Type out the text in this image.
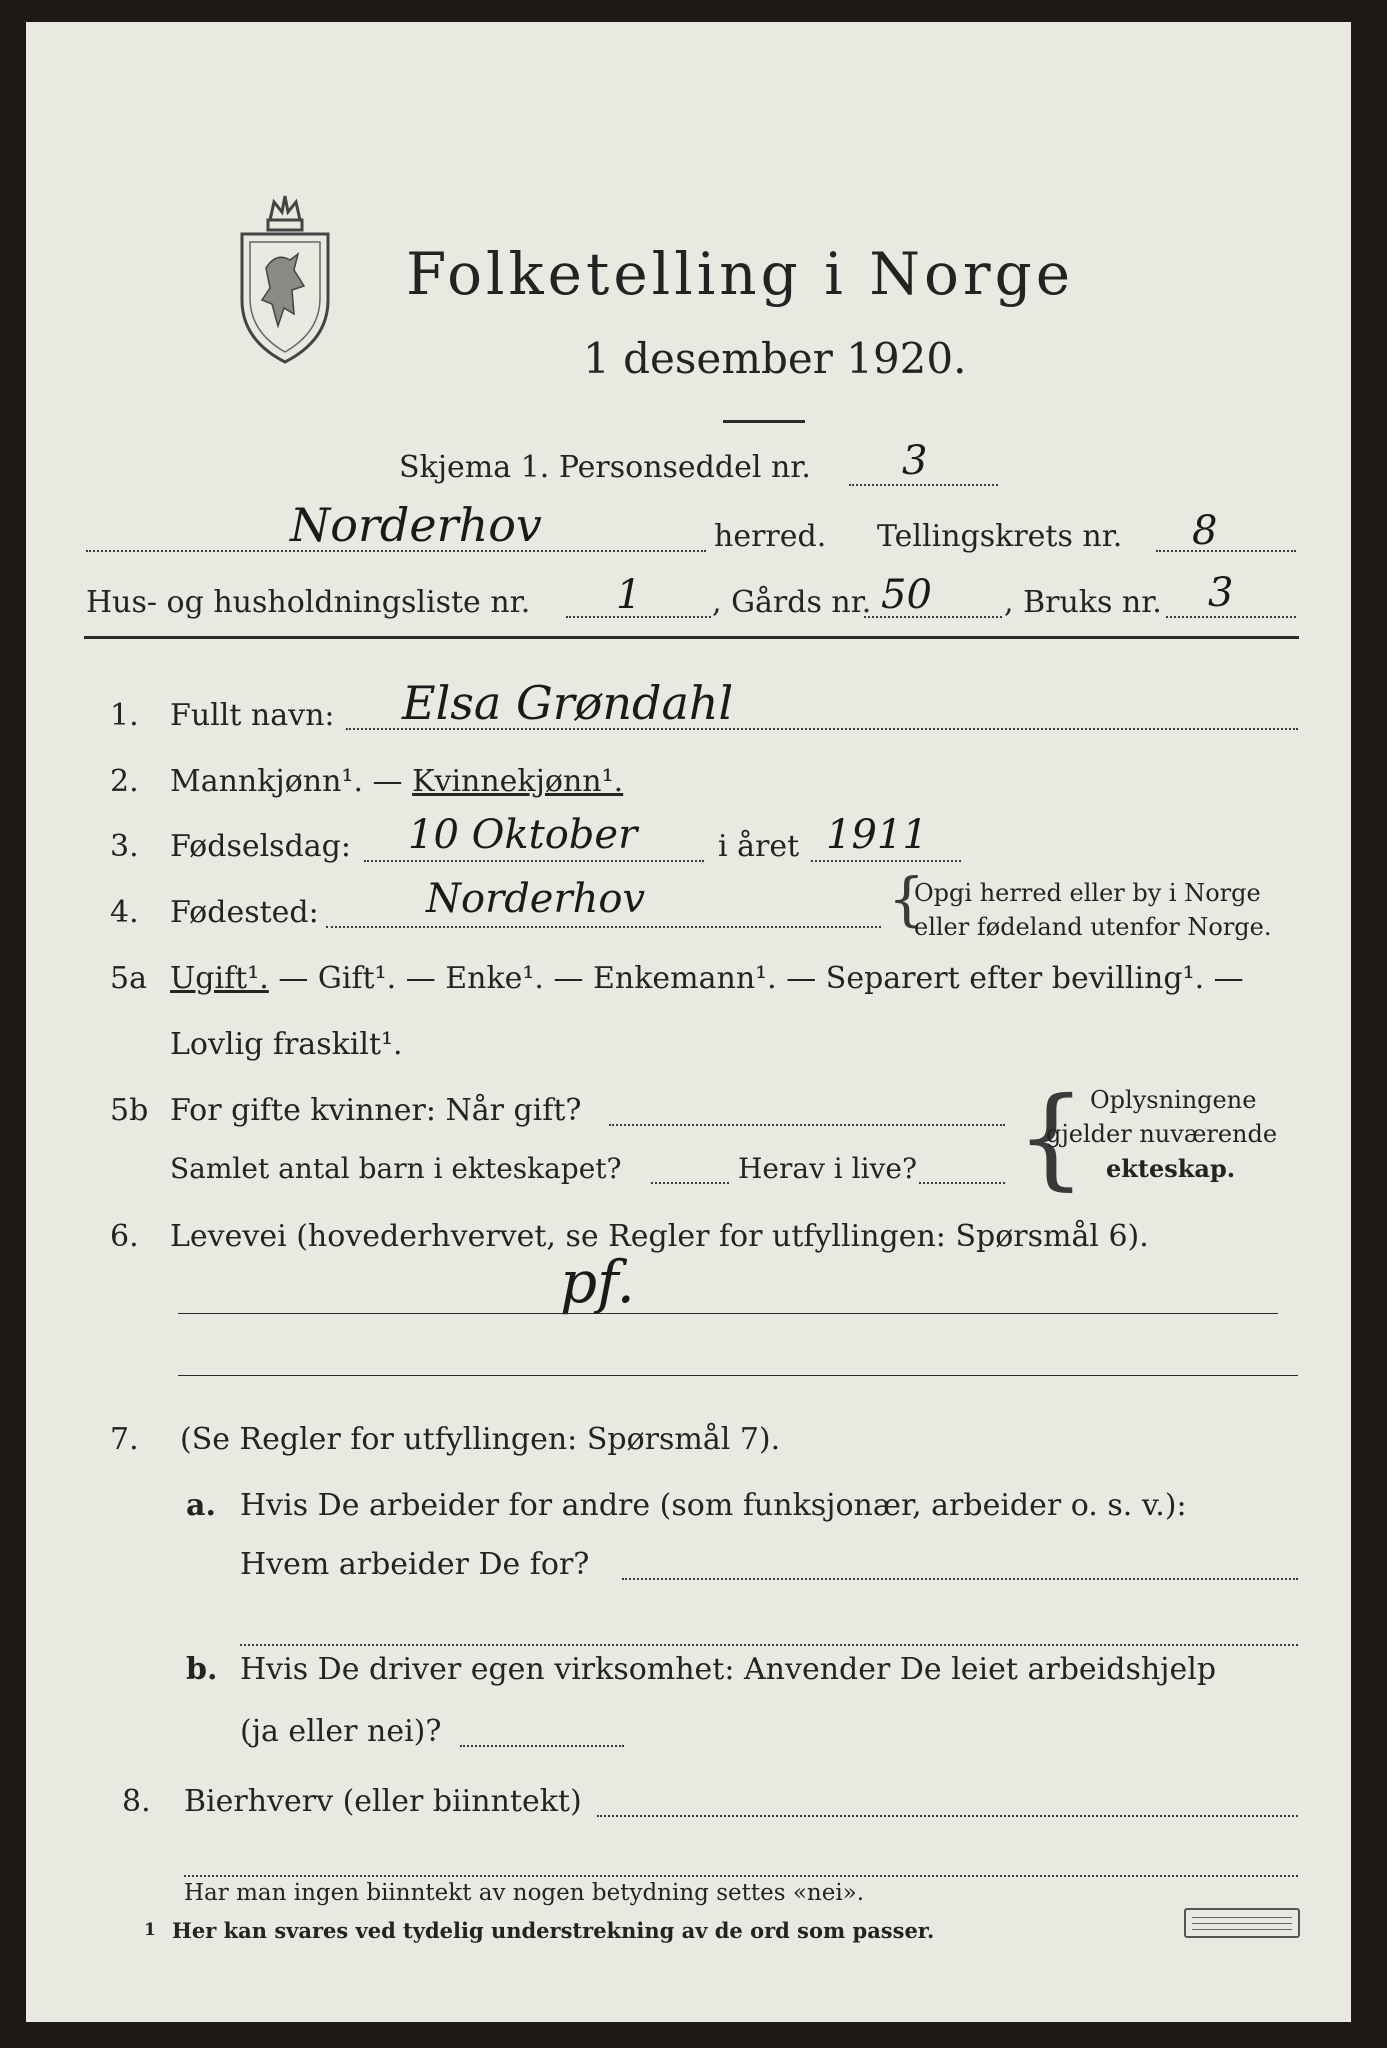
Folketelling i Norge
1 desember 1920.
Skjema 1. Personseddel nr. 3
Norderhov	herred. Tellingskrets nr. 8
Hus- og husholdningsliste nr. 1 , Gårds nr. 50 , Bruks nr. 3
1. Fullt navn: Elsa Grøndahl
2. Mannkjønn¹. — Kvinnekjønn¹.
3. Fødselsdag: 10 Oktober	i året 1911
4. Fødested:	Norderhov	{
Opgi herred eller by i Norge
eller fødeland utenfor Norge.
5a Ugift¹. — Gift¹. — Enke¹. — Enkemann¹. — Separert efter bevilling¹. —
Lovlig fraskilt¹.
5b For gifte kvinner: Når gift?
Samlet antal barn i ekteskapet?	Herav i live? { Oplysningene
gjelder nuværende
ekteskap.
6. Levevei (hovederhvervet, se Regler for utfyllingen: Spørsmål 6).
pf.
7. (Se Regler for utfyllingen: Spørsmål 7).
a. Hvis De arbeider for andre (som funksjonær, arbeider o. s. v.):
Hvem arbeider De for?
b. Hvis De driver egen virksomhet: Anvender De leiet arbeidshjelp
(ja eller nei)?
8. Bierhverv (eller biinntekt)
Har man ingen biinntekt av nogen betydning settes «nei».
1 Her kan svares ved tydelig understrekning av de ord som passer.
